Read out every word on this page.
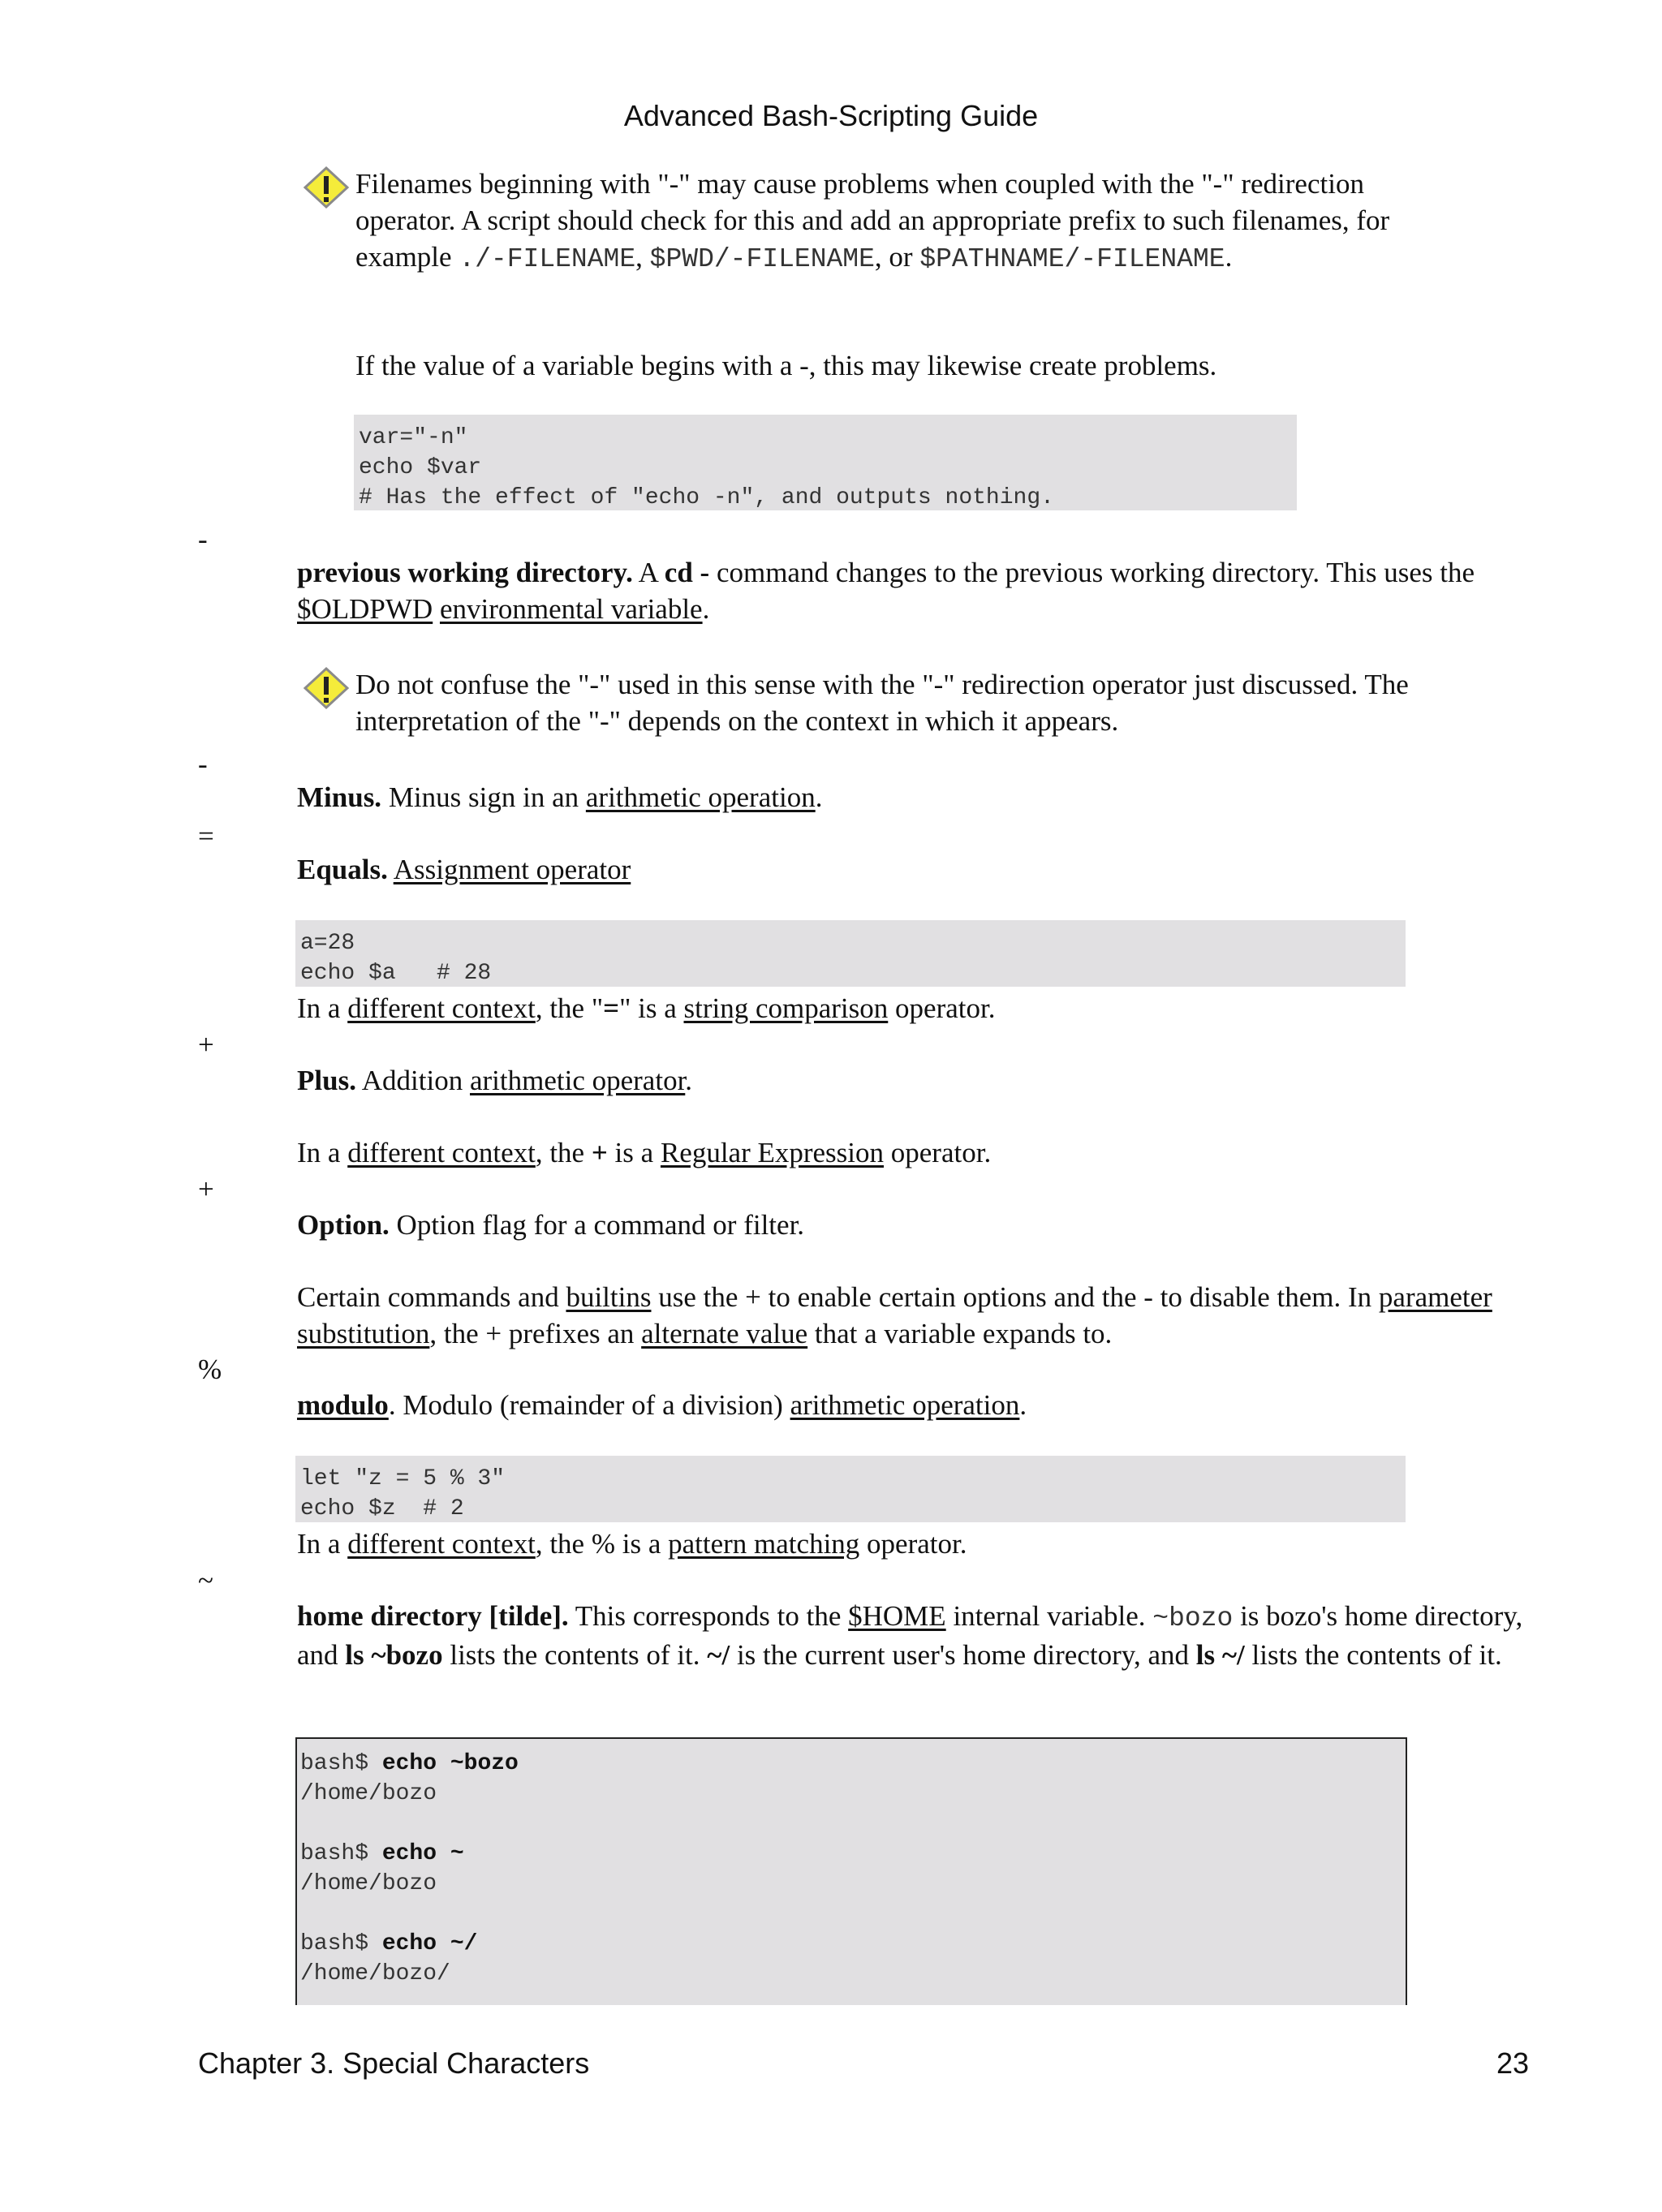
Advanced Bash-Scripting Guide
Filenames beginning with "-" may cause problems when coupled with the "-" redirection operator. A script should check for this and add an appropriate prefix to such filenames, for example ./-FILENAME, $PWD/-FILENAME, or $PATHNAME/-FILENAME.
If the value of a variable begins with a -, this may likewise create problems.
var="-n"
echo $var
# Has the effect of "echo -n", and outputs nothing.
-
previous working directory. A cd - command changes to the previous working directory. This uses the $OLDPWD environmental variable.
Do not confuse the "-" used in this sense with the "-" redirection operator just discussed. The interpretation of the "-" depends on the context in which it appears.
-
Minus. Minus sign in an arithmetic operation.
=
Equals. Assignment operator
a=28
echo $a   # 28
In a different context, the "=" is a string comparison operator.
+
Plus. Addition arithmetic operator.
In a different context, the + is a Regular Expression operator.
+
Option. Option flag for a command or filter.
Certain commands and builtins use the + to enable certain options and the - to disable them. In parameter substitution, the + prefixes an alternate value that a variable expands to.
%
modulo. Modulo (remainder of a division) arithmetic operation.
let "z = 5 % 3"
echo $z  # 2
In a different context, the % is a pattern matching operator.
~
home directory [tilde]. This corresponds to the $HOME internal variable. ~bozo is bozo's home directory, and ls ~bozo lists the contents of it. ~/ is the current user's home directory, and ls ~/ lists the contents of it.
bash$ echo ~bozo
/home/bozo

bash$ echo ~
/home/bozo

bash$ echo ~/
/home/bozo/
Chapter 3. Special Characters	23
